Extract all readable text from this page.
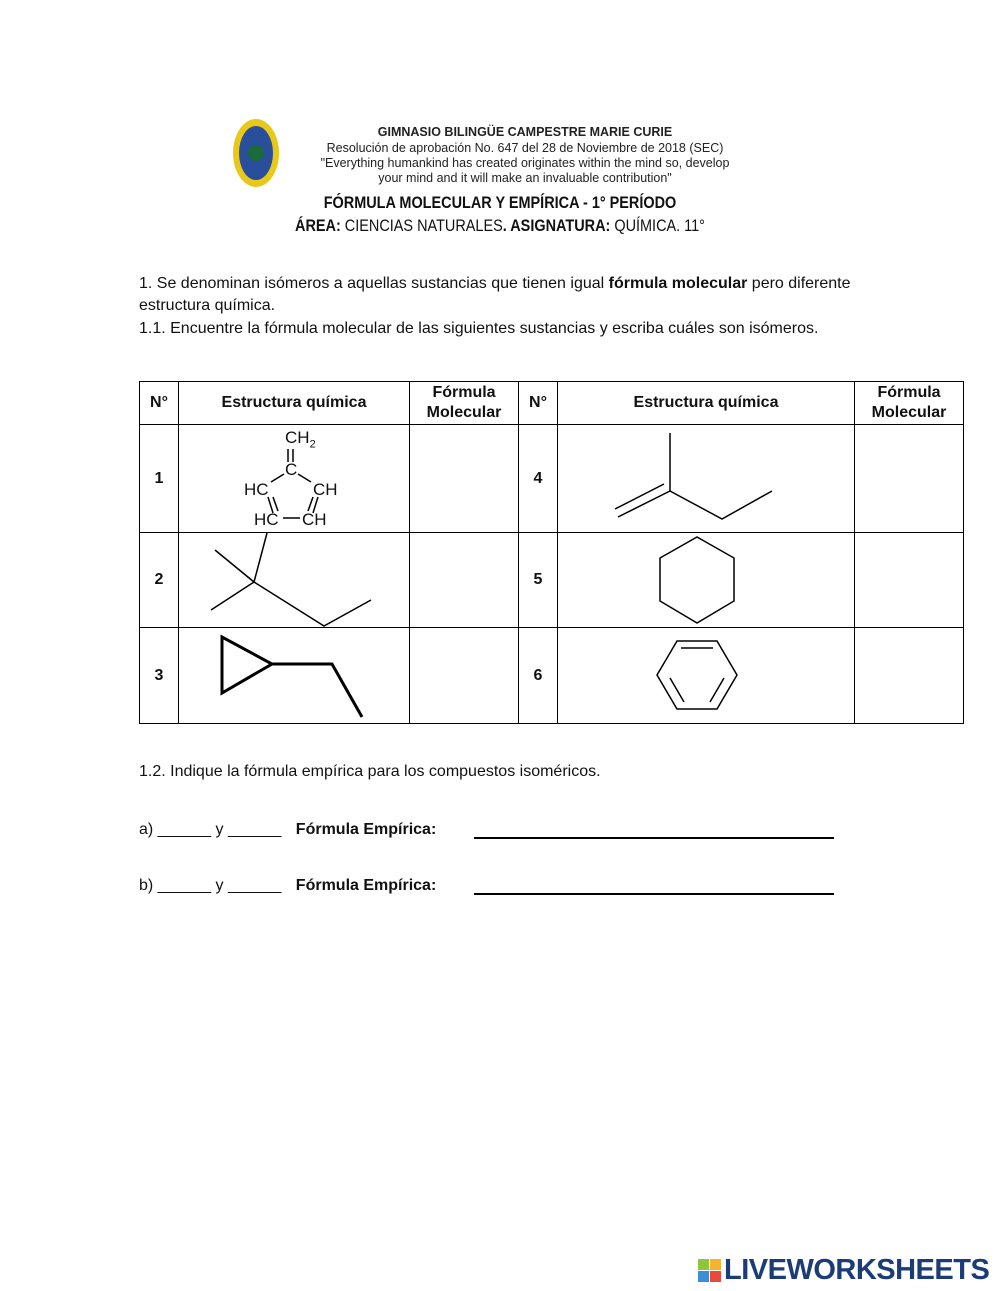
GIMNASIO BILINGÜE CAMPESTRE MARIE CURIE
Resolución de aprobación No. 647 del 28 de Noviembre de 2018 (SEC)
"Everything humankind has created originates within the mind so, develop
your mind and it will make an invaluable contribution"
FÓRMULA MOLECULAR Y EMPÍRICA - 1° PERÍODO
ÁREA: CIENCIAS NATURALES. ASIGNATURA: QUÍMICA. 11°
1. Se denominan isómeros a aquellas sustancias que tienen igual fórmula molecular pero diferente estructura química.
1.1. Encuentre la fórmula molecular de las siguientes sustancias y escriba cuáles son isómeros.
N°	Estructura química	Fórmula Molecular	N°	Estructura química	Fórmula Molecular
1			4		
2			5		
3			6		
$CH_2$
C
HC	CH
HC CH
1.2. Indique la fórmula empírica para los compuestos isoméricos.
a) ______ y ______ Fórmula Empírica:
b) ______ y ______ Fórmula Empírica:
LIVEWORKSHEETS
